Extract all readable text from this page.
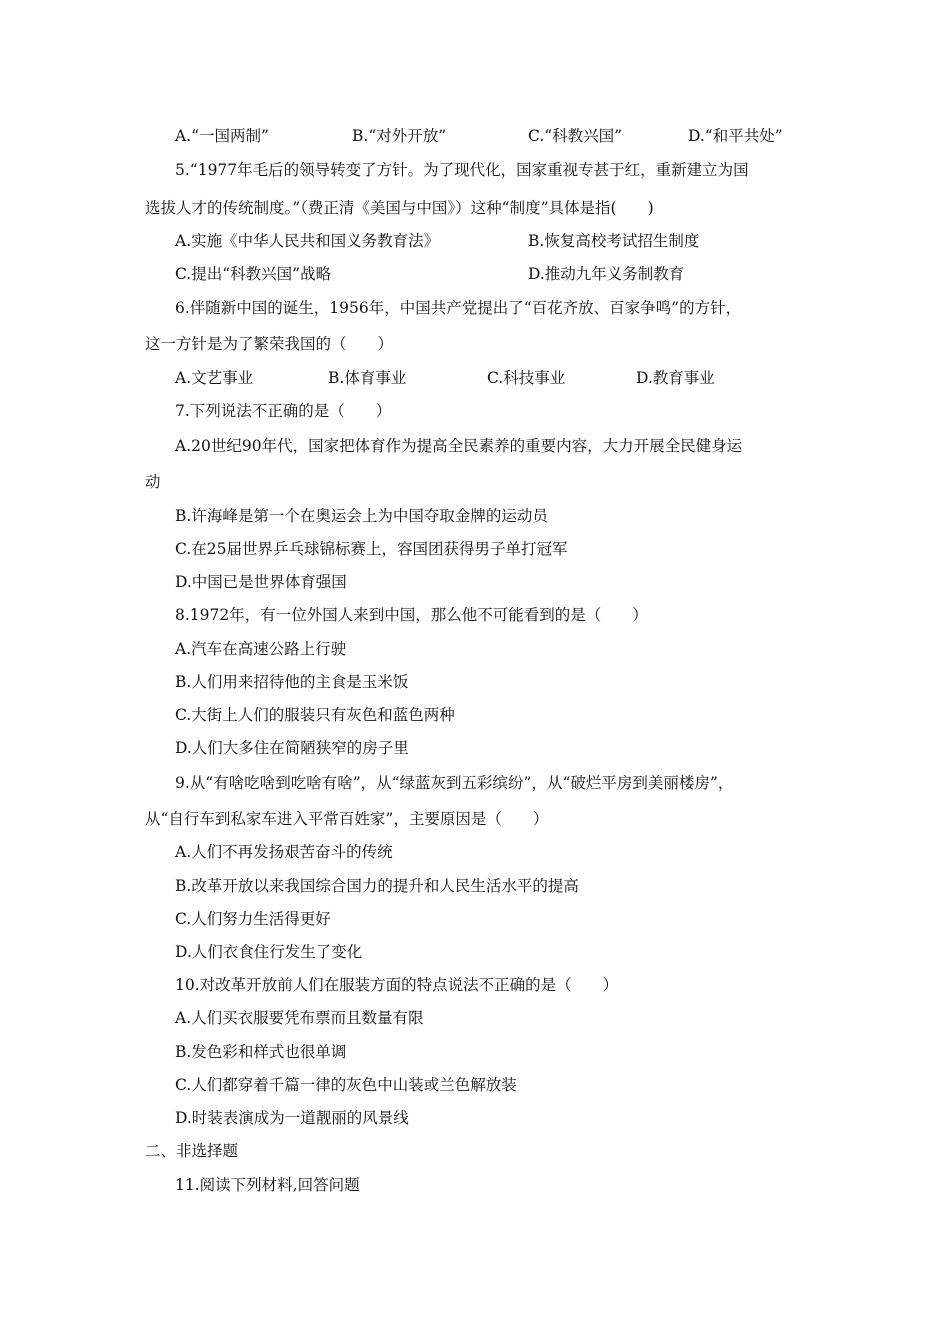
A.“一国两制”	B.“对外开放”	C.“科教兴国”	D.“和平共处”
5.“1977年毛后的领导转变了方针。为了现代化，国家重视专甚于红，重新建立为国
选拔人才的传统制度。”（费正清《美国与中国》）这种“制度”具体是指(　　)
A.实施《中华人民共和国义务教育法》	B.恢复高校考试招生制度
C.提出“科教兴国”战略	D.推动九年义务制教育
6.伴随新中国的诞生，1956年，中国共产党提出了“百花齐放、百家争鸣”的方针，
这一方针是为了繁荣我国的（　　）
A.文艺事业	B.体育事业	C.科技事业	D.教育事业
7.下列说法不正确的是（　　）
A.20世纪90年代，国家把体育作为提高全民素养的重要内容，大力开展全民健身运
动
B.许海峰是第一个在奥运会上为中国夺取金牌的运动员
C.在25届世界乒乓球锦标赛上，容国团获得男子单打冠军
D.中国已是世界体育强国
8.1972年，有一位外国人来到中国，那么他不可能看到的是（　　）
A.汽车在高速公路上行驶
B.人们用来招待他的主食是玉米饭
C.大街上人们的服装只有灰色和蓝色两种
D.人们大多住在简陋狭窄的房子里
9.从“有啥吃啥到吃啥有啥”，从“绿蓝灰到五彩缤纷”，从“破烂平房到美丽楼房”，
从“自行车到私家车进入平常百姓家”，主要原因是（　　）
A.人们不再发扬艰苦奋斗的传统
B.改革开放以来我国综合国力的提升和人民生活水平的提高
C.人们努力生活得更好
D.人们衣食住行发生了变化
10.对改革开放前人们在服装方面的特点说法不正确的是（　　）
A.人们买衣服要凭布票而且数量有限
B.发色彩和样式也很单调
C.人们都穿着千篇一律的灰色中山装或兰色解放装
D.时装表演成为一道靓丽的风景线
二、非选择题
11.阅读下列材料,回答问题
